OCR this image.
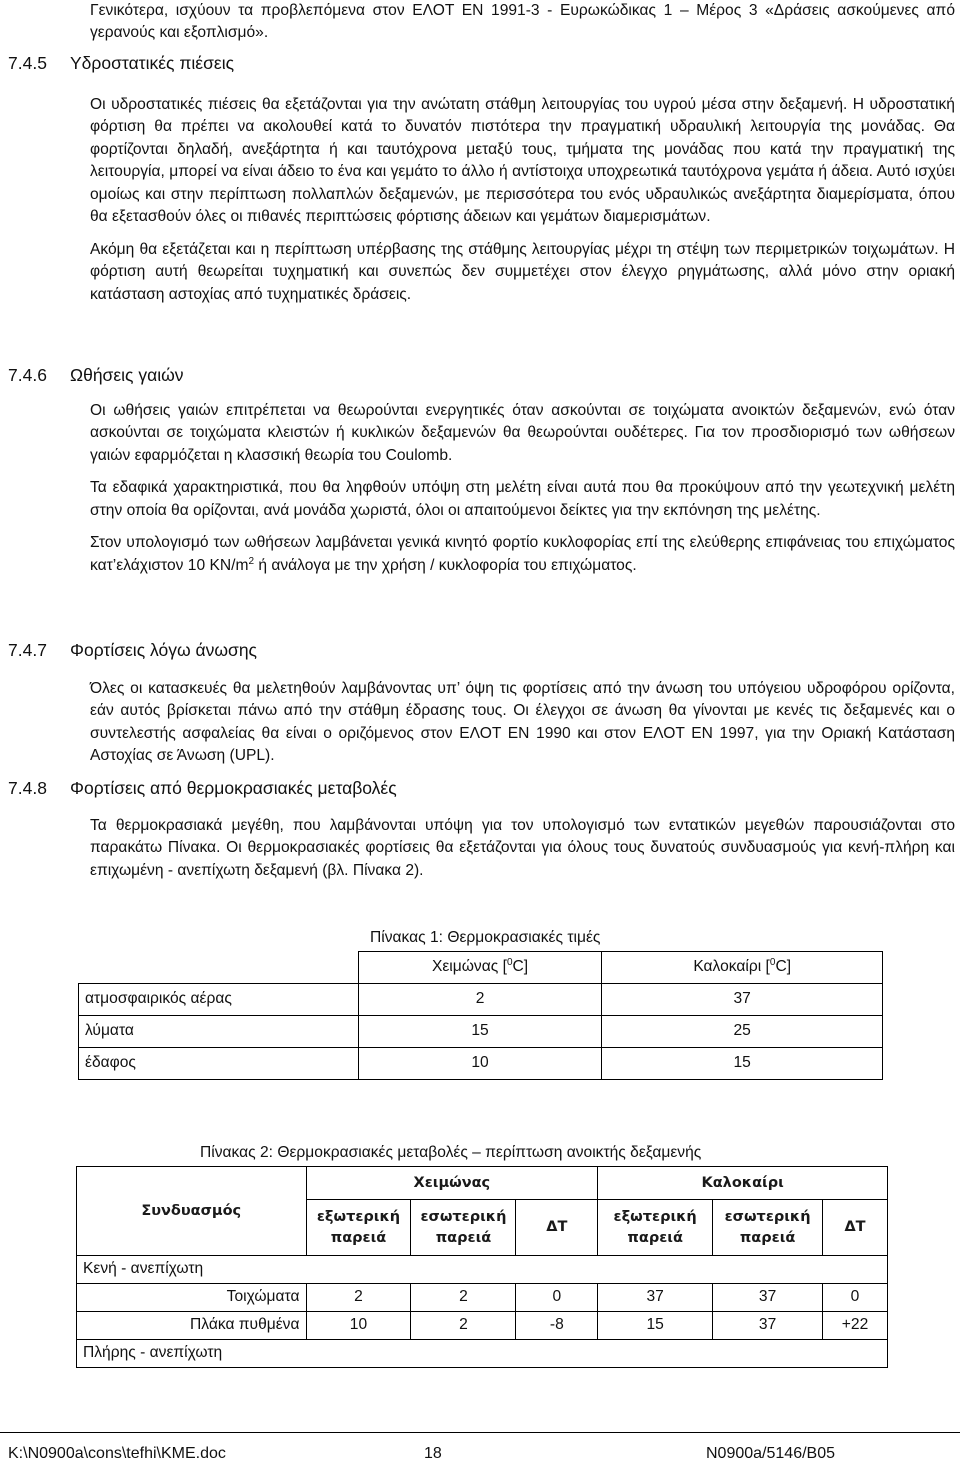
Γενικότερα, ισχύουν τα προβλεπόμενα στον ΕΛΟΤ ΕΝ 1991-3 - Ευρωκώδικας 1 – Μέρος 3 «Δράσεις ασκούμενες από γερανούς και εξοπλισμό».

7.4.5 Υδροστατικές πιέσεις

Οι υδροστατικές πιέσεις θα εξετάζονται για την ανώτατη στάθμη λειτουργίας του υγρού μέσα στην δεξαμενή. Η υδροστατική φόρτιση θα πρέπει να ακολουθεί κατά το δυνατόν πιστότερα την πραγματική υδραυλική λειτουργία της μονάδας. Θα φορτίζονται δηλαδή, ανεξάρτητα ή και ταυτόχρονα μεταξύ τους, τμήματα της μονάδας που κατά την πραγματική της λειτουργία, μπορεί να είναι άδειο το ένα και γεμάτο το άλλο ή αντίστοιχα υποχρεωτικά ταυτόχρονα γεμάτα ή άδεια. Αυτό ισχύει ομοίως και στην περίπτωση πολλαπλών δεξαμενών, με περισσότερα του ενός υδραυλικώς ανεξάρτητα διαμερίσματα, όπου θα εξετασθούν όλες οι πιθανές περιπτώσεις φόρτισης άδειων και γεμάτων διαμερισμάτων.

Ακόμη θα εξετάζεται και η περίπτωση υπέρβασης της στάθμης λειτουργίας μέχρι τη στέψη των περιμετρικών τοιχωμάτων. Η φόρτιση αυτή θεωρείται τυχηματική και συνεπώς δεν συμμετέχει στον έλεγχο ρηγμάτωσης, αλλά μόνο στην οριακή κατάσταση αστοχίας από τυχηματικές δράσεις.

7.4.6 Ωθήσεις γαιών

Οι ωθήσεις γαιών επιτρέπεται να θεωρούνται ενεργητικές όταν ασκούνται σε τοιχώματα ανοικτών δεξαμενών, ενώ όταν ασκούνται σε τοιχώματα κλειστών ή κυκλικών δεξαμενών θα θεωρούνται ουδέτερες. Για τον προσδιορισμό των ωθήσεων γαιών εφαρμόζεται η κλασσική θεωρία του Coulomb.

Τα εδαφικά χαρακτηριστικά, που θα ληφθούν υπόψη στη μελέτη είναι αυτά που θα προκύψουν από την γεωτεχνική μελέτη στην οποία θα ορίζονται, ανά μονάδα χωριστά, όλοι οι απαιτούμενοι δείκτες για την εκπόνηση της μελέτης.

Στον υπολογισμό των ωθήσεων λαμβάνεται γενικά κινητό φορτίο κυκλοφορίας επί της ελεύθερης επιφάνειας του επιχώματος κατ’ελάχιστον 10 $KN/m^2$ ή ανάλογα με την χρήση / κυκλοφορία του επιχώματος.

7.4.7 Φορτίσεις λόγω άνωσης

Όλες οι κατασκευές θα μελετηθούν λαμβάνοντας υπ’ όψη τις φορτίσεις από την άνωση του υπόγειου υδροφόρου ορίζοντα, εάν αυτός βρίσκεται πάνω από την στάθμη έδρασης τους. Οι έλεγχοι σε άνωση θα γίνονται με κενές τις δεξαμενές και ο συντελεστής ασφαλείας θα είναι ο οριζόμενος στον ΕΛΟΤ ΕΝ 1990 και στον ΕΛΟΤ ΕΝ 1997, για την Οριακή Κατάσταση Αστοχίας σε Άνωση (UPL).

7.4.8 Φορτίσεις από θερμοκρασιακές μεταβολές

Τα θερμοκρασιακά μεγέθη, που λαμβάνονται υπόψη για τον υπολογισμό των εντατικών μεγεθών παρουσιάζονται στο παρακάτω Πίνακα. Οι θερμοκρασιακές φορτίσεις θα εξετάζονται για όλους τους δυνατούς συνδυασμούς για κενή-πλήρη και επιχωμένη - ανεπίχωτη δεξαμενή (βλ. Πίνακα 2).

Πίνακας 1: Θερμοκρασιακές τιμές
	Χειμώνας [$^0$C]	Καλοκαίρι [$^0$C]
ατμοσφαιρικός αέρας	2	37
λύματα	15	25
έδαφος	10	15
Πίνακας 2: Θερμοκρασιακές μεταβολές – περίπτωση ανοικτής δεξαμενής
Συνδυασμός	Χειμώνας			Καλοκαίρι		
	εξωτερική παρειά	εσωτερική παρειά	ΔΤ	εξωτερική παρειά	εσωτερική παρειά	ΔΤ
Κενή - ανεπίχωτη						
Τοιχώματα	2	2	0	37	37	0
Πλάκα πυθμένα	10	2	-8	15	37	+22
Πλήρης - ανεπίχωτη						
K:\N0900a\cons\tefhi\KME.doc	18	N0900a/5146/B05
